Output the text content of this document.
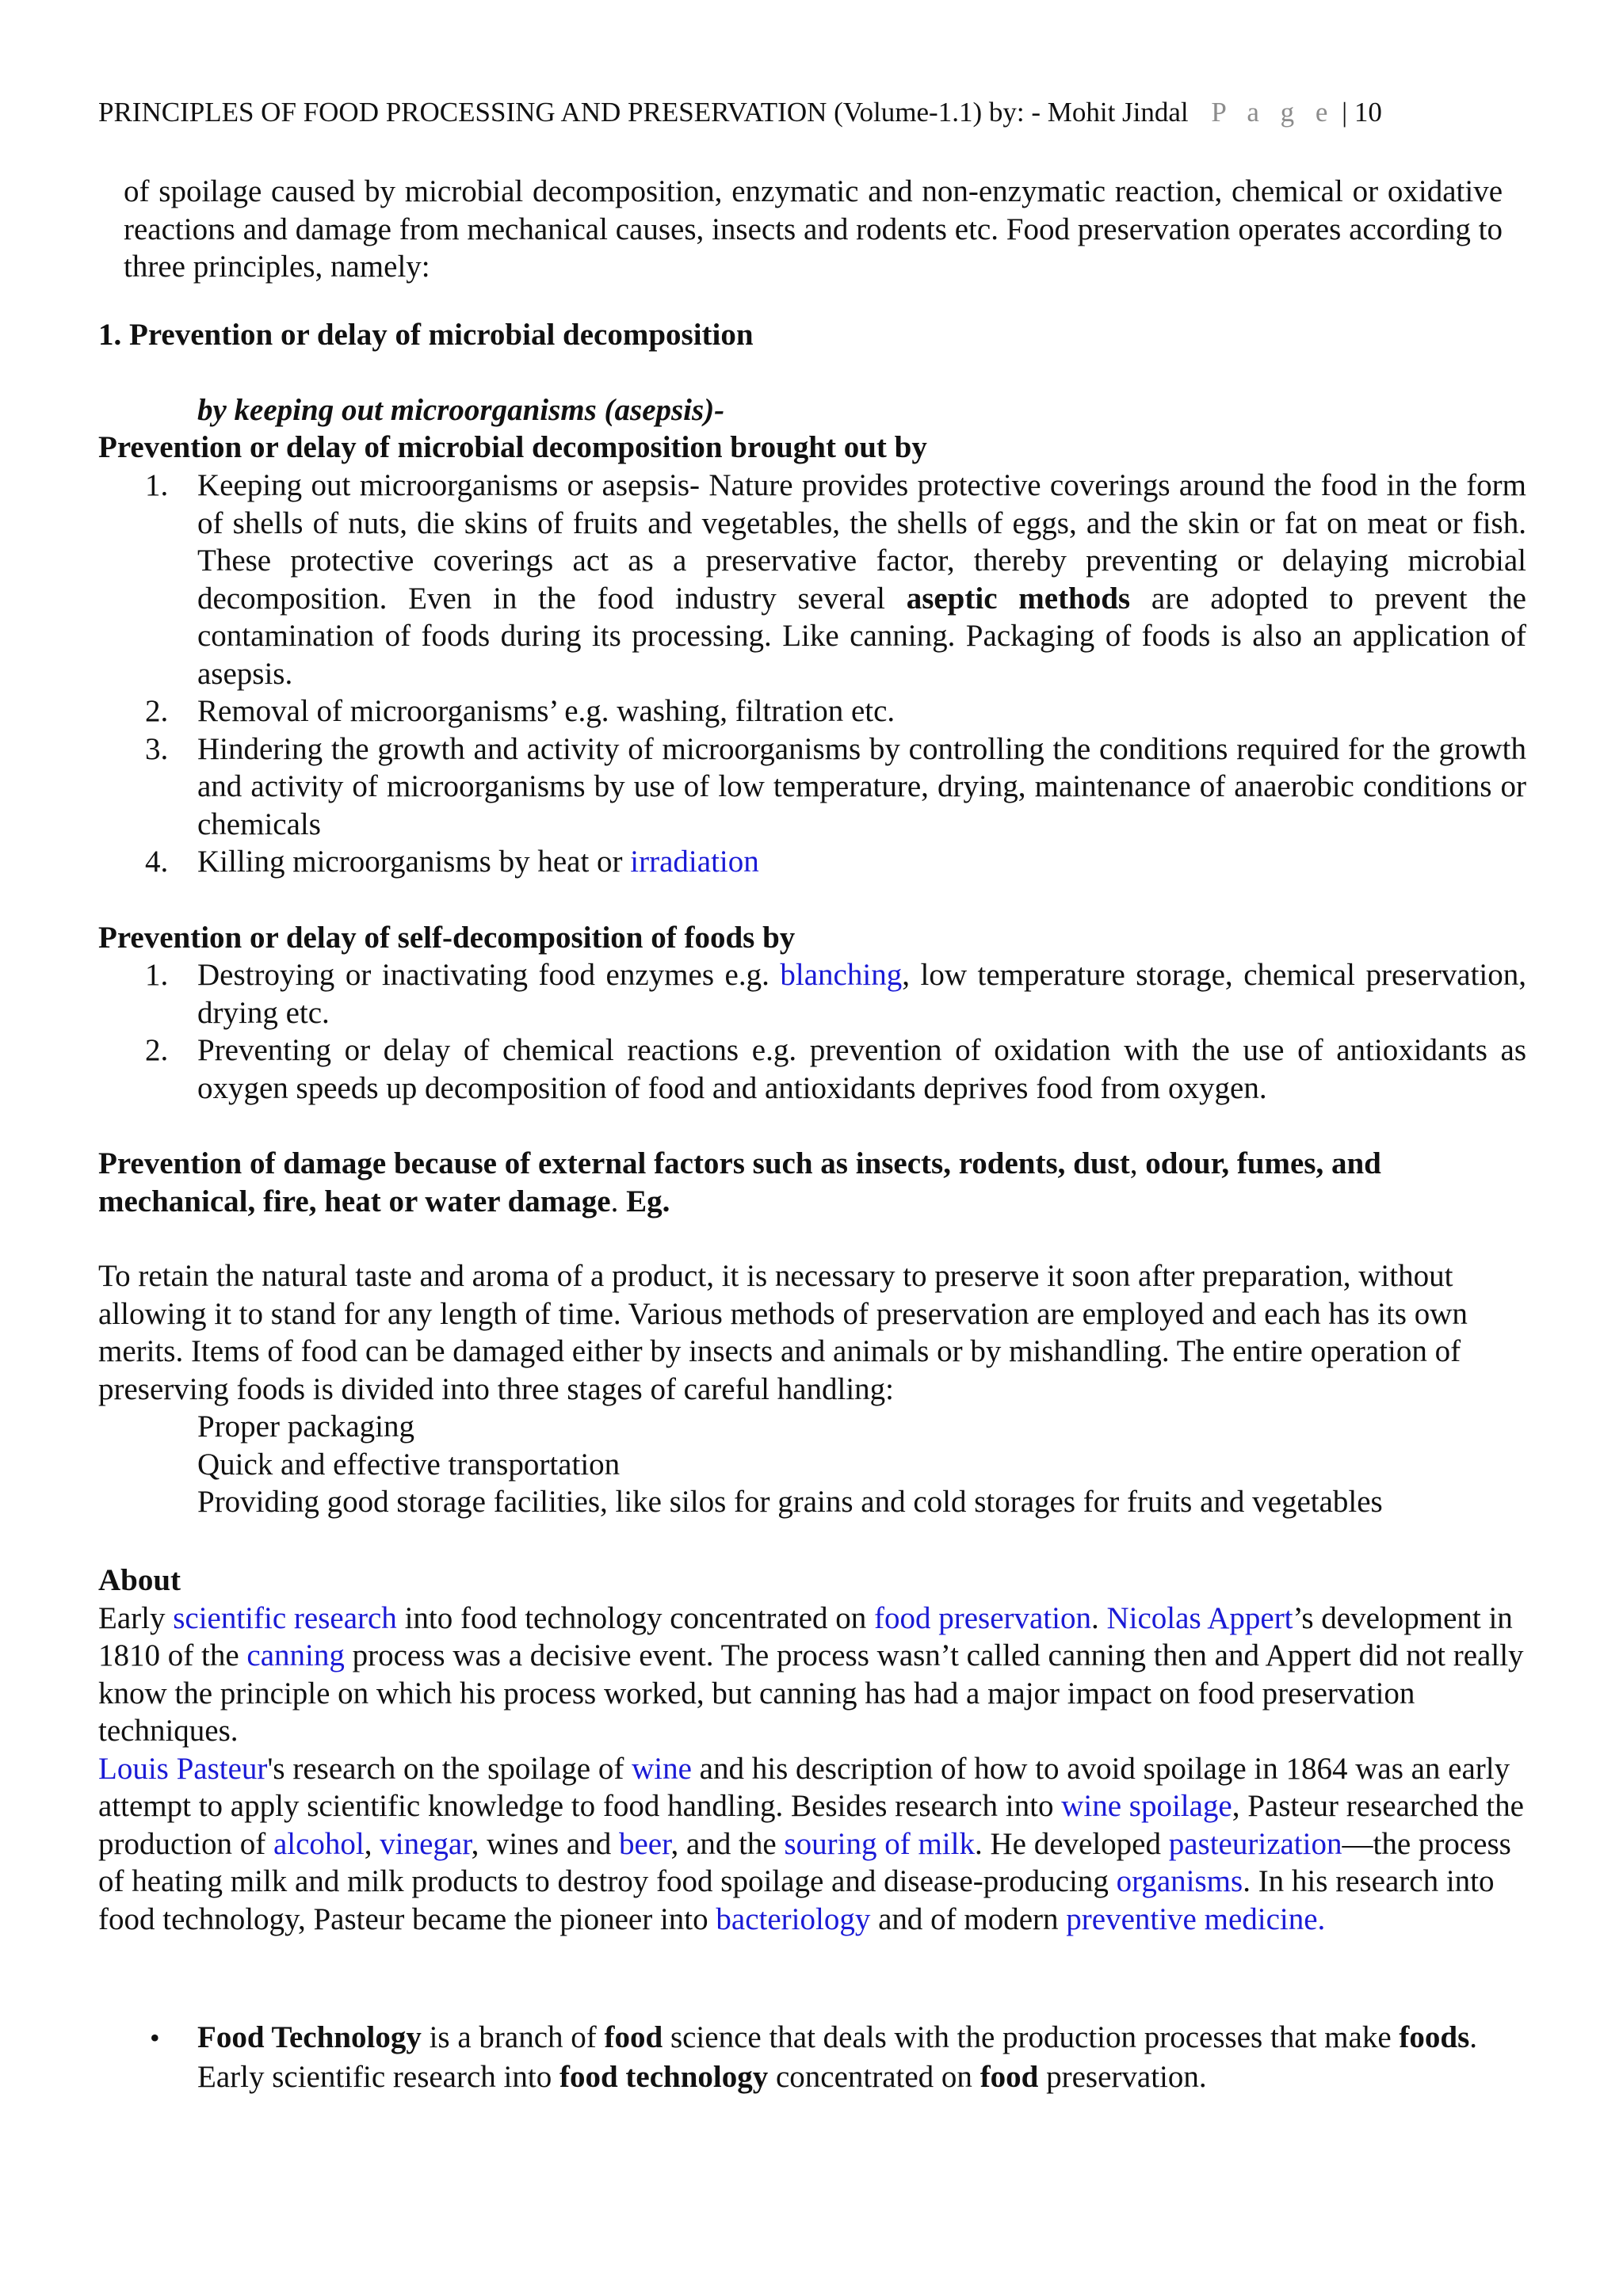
PRINCIPLES OF FOOD PROCESSING AND PRESERVATION (Volume-1.1) by: - Mohit Jindal P a g e | 10

of spoilage caused by microbial decomposition, enzymatic and non-enzymatic reaction, chemical or oxidative reactions and damage from mechanical causes, insects and rodents etc. Food preservation operates according to three principles, namely:

1. Prevention or delay of microbial decomposition
by keeping out microorganisms (asepsis)-
Prevention or delay of microbial decomposition brought out by
1. Keeping out microorganisms or asepsis- Nature provides protective coverings around the food in the form of shells of nuts, die skins of fruits and vegetables, the shells of eggs, and the skin or fat on meat or fish. These protective coverings act as a preservative factor, thereby preventing or delaying microbial decomposition. Even in the food industry several aseptic methods are adopted to prevent the contamination of foods during its processing. Like canning. Packaging of foods is also an application of asepsis.
2. Removal of microorganisms’ e.g. washing, filtration etc.
3. Hindering the growth and activity of microorganisms by controlling the conditions required for the growth and activity of microorganisms by use of low temperature, drying, maintenance of anaerobic conditions or chemicals
4. Killing microorganisms by heat or irradiation
Prevention or delay of self-decomposition of foods by
1. Destroying or inactivating food enzymes e.g. blanching, low temperature storage, chemical preservation, drying etc.
2. Preventing or delay of chemical reactions e.g. prevention of oxidation with the use of antioxidants as oxygen speeds up decomposition of food and antioxidants deprives food from oxygen.
Prevention of damage because of external factors such as insects, rodents, dust, odour, fumes, and mechanical, fire, heat or water damage. Eg.

To retain the natural taste and aroma of a product, it is necessary to preserve it soon after preparation, without allowing it to stand for any length of time. Various methods of preservation are employed and each has its own merits. Items of food can be damaged either by insects and animals or by mishandling. The entire operation of preserving foods is divided into three stages of careful handling:

Proper packaging
Quick and effective transportation
Providing good storage facilities, like silos for grains and cold storages for fruits and vegetables
About

Early scientific research into food technology concentrated on food preservation. Nicolas Appert’s development in 1810 of the canning process was a decisive event. The process wasn’t called canning then and Appert did not really know the principle on which his process worked, but canning has had a major impact on food preservation techniques.

Louis Pasteur's research on the spoilage of wine and his description of how to avoid spoilage in 1864 was an early attempt to apply scientific knowledge to food handling. Besides research into wine spoilage, Pasteur researched the production of alcohol, vinegar, wines and beer, and the souring of milk. He developed pasteurization—the process of heating milk and milk products to destroy food spoilage and disease-producing organisms. In his research into food technology, Pasteur became the pioneer into bacteriology and of modern preventive medicine.

• Food Technology is a branch of food science that deals with the production processes that make foods. Early scientific research into food technology concentrated on food preservation.
